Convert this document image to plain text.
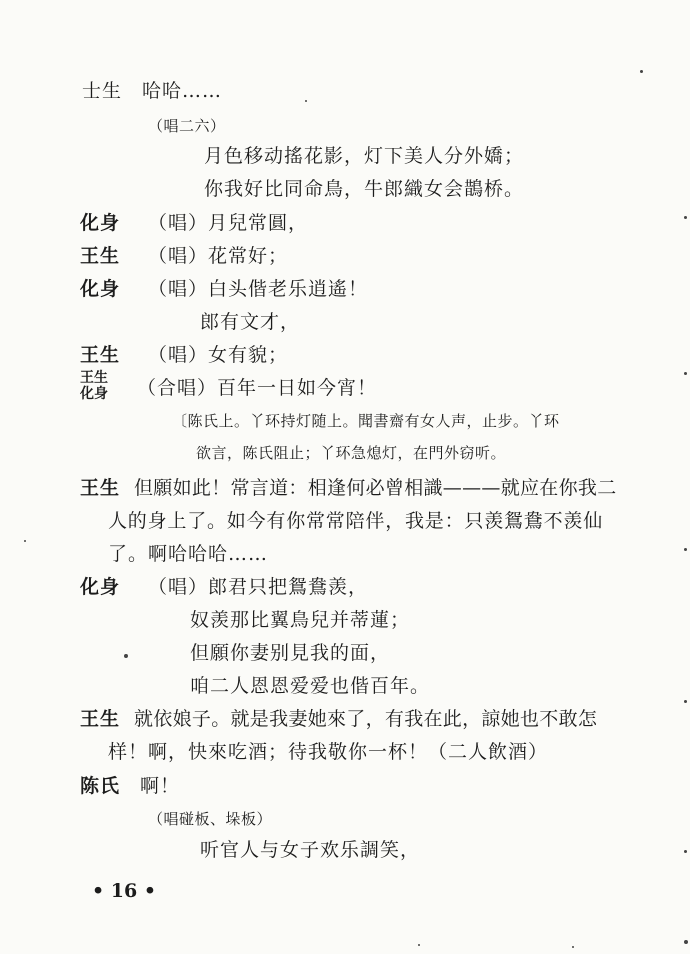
士生　哈哈……
（唱二六）
月色移动搖花影，灯下美人分外嬌；
你我好比同命鳥，牛郎織女会鵲桥。
化身 （唱）月兒常圓，
王生 （唱）花常好；
化身 （唱）白头偕老乐逍遙！
郎有文才，
王生 （唱）女有貌；
王生
化身 （合唱）百年一日如今宵！
〔陈氏上。丫环持灯随上。聞書齋有女人声，止步。丫环
欲言，陈氏阻止；丫环急熄灯，在門外窃听。
王生 但願如此！常言道：相逢何必曾相識———就应在你我二
人的身上了。如今有你常常陪伴，我是：只羡鴛鴦不羡仙
了。啊哈哈哈……
化身 （唱）郎君只把鴛鴦羡，
奴羡那比翼鳥兒并蒂蓮；
但願你妻别見我的面，
咱二人恩恩爱爱也偕百年。
王生 就依娘子。就是我妻她來了，有我在此，諒她也不敢怎
样！啊，快來吃酒；待我敬你一杯！（二人飲酒）
陈氏 啊！
（唱碰板、垛板）
听官人与女子欢乐調笑，
• 16 •
